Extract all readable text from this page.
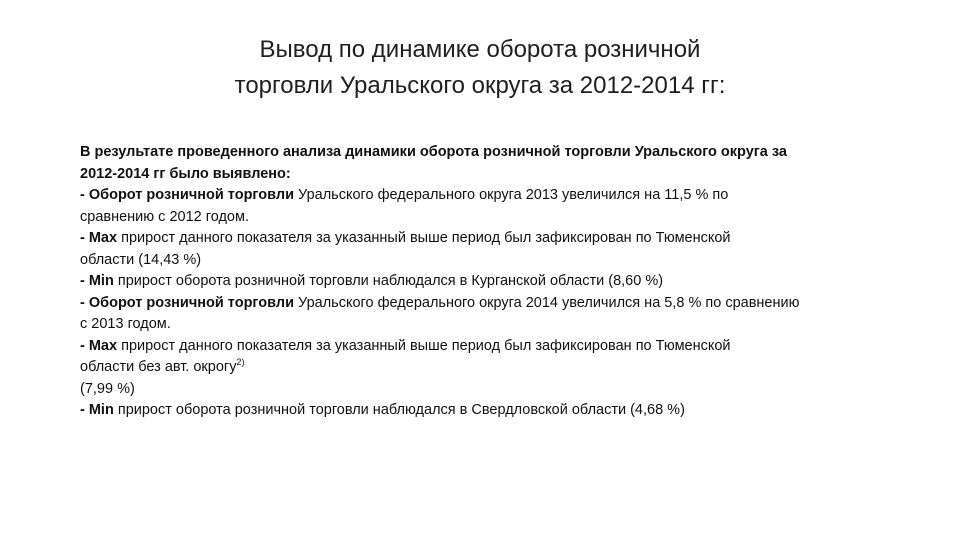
Вывод по динамике оборота розничной
торговли Уральского округа за 2012-2014 гг:
В результате проведенного анализа динамики оборота розничной торговли Уральского округа за
2012-2014 гг было выявлено:
- Оборот розничной торговли Уральского федерального округа 2013 увеличился на 11,5 % по
сравнению с 2012 годом.
- Max прирост данного показателя за указанный выше период был зафиксирован по Тюменской
области (14,43 %)
- Min прирост оборота розничной торговли наблюдался в Курганской области (8,60 %)
- Оборот розничной торговли Уральского федерального округа 2014 увеличился на 5,8 % по сравнению
с 2013 годом.
- Max прирост данного показателя за указанный выше период был зафиксирован по Тюменской
области без авт. окрогу$^{2)}$
(7,99 %)
- Min прирост оборота розничной торговли наблюдался в Свердловской области (4,68 %)
